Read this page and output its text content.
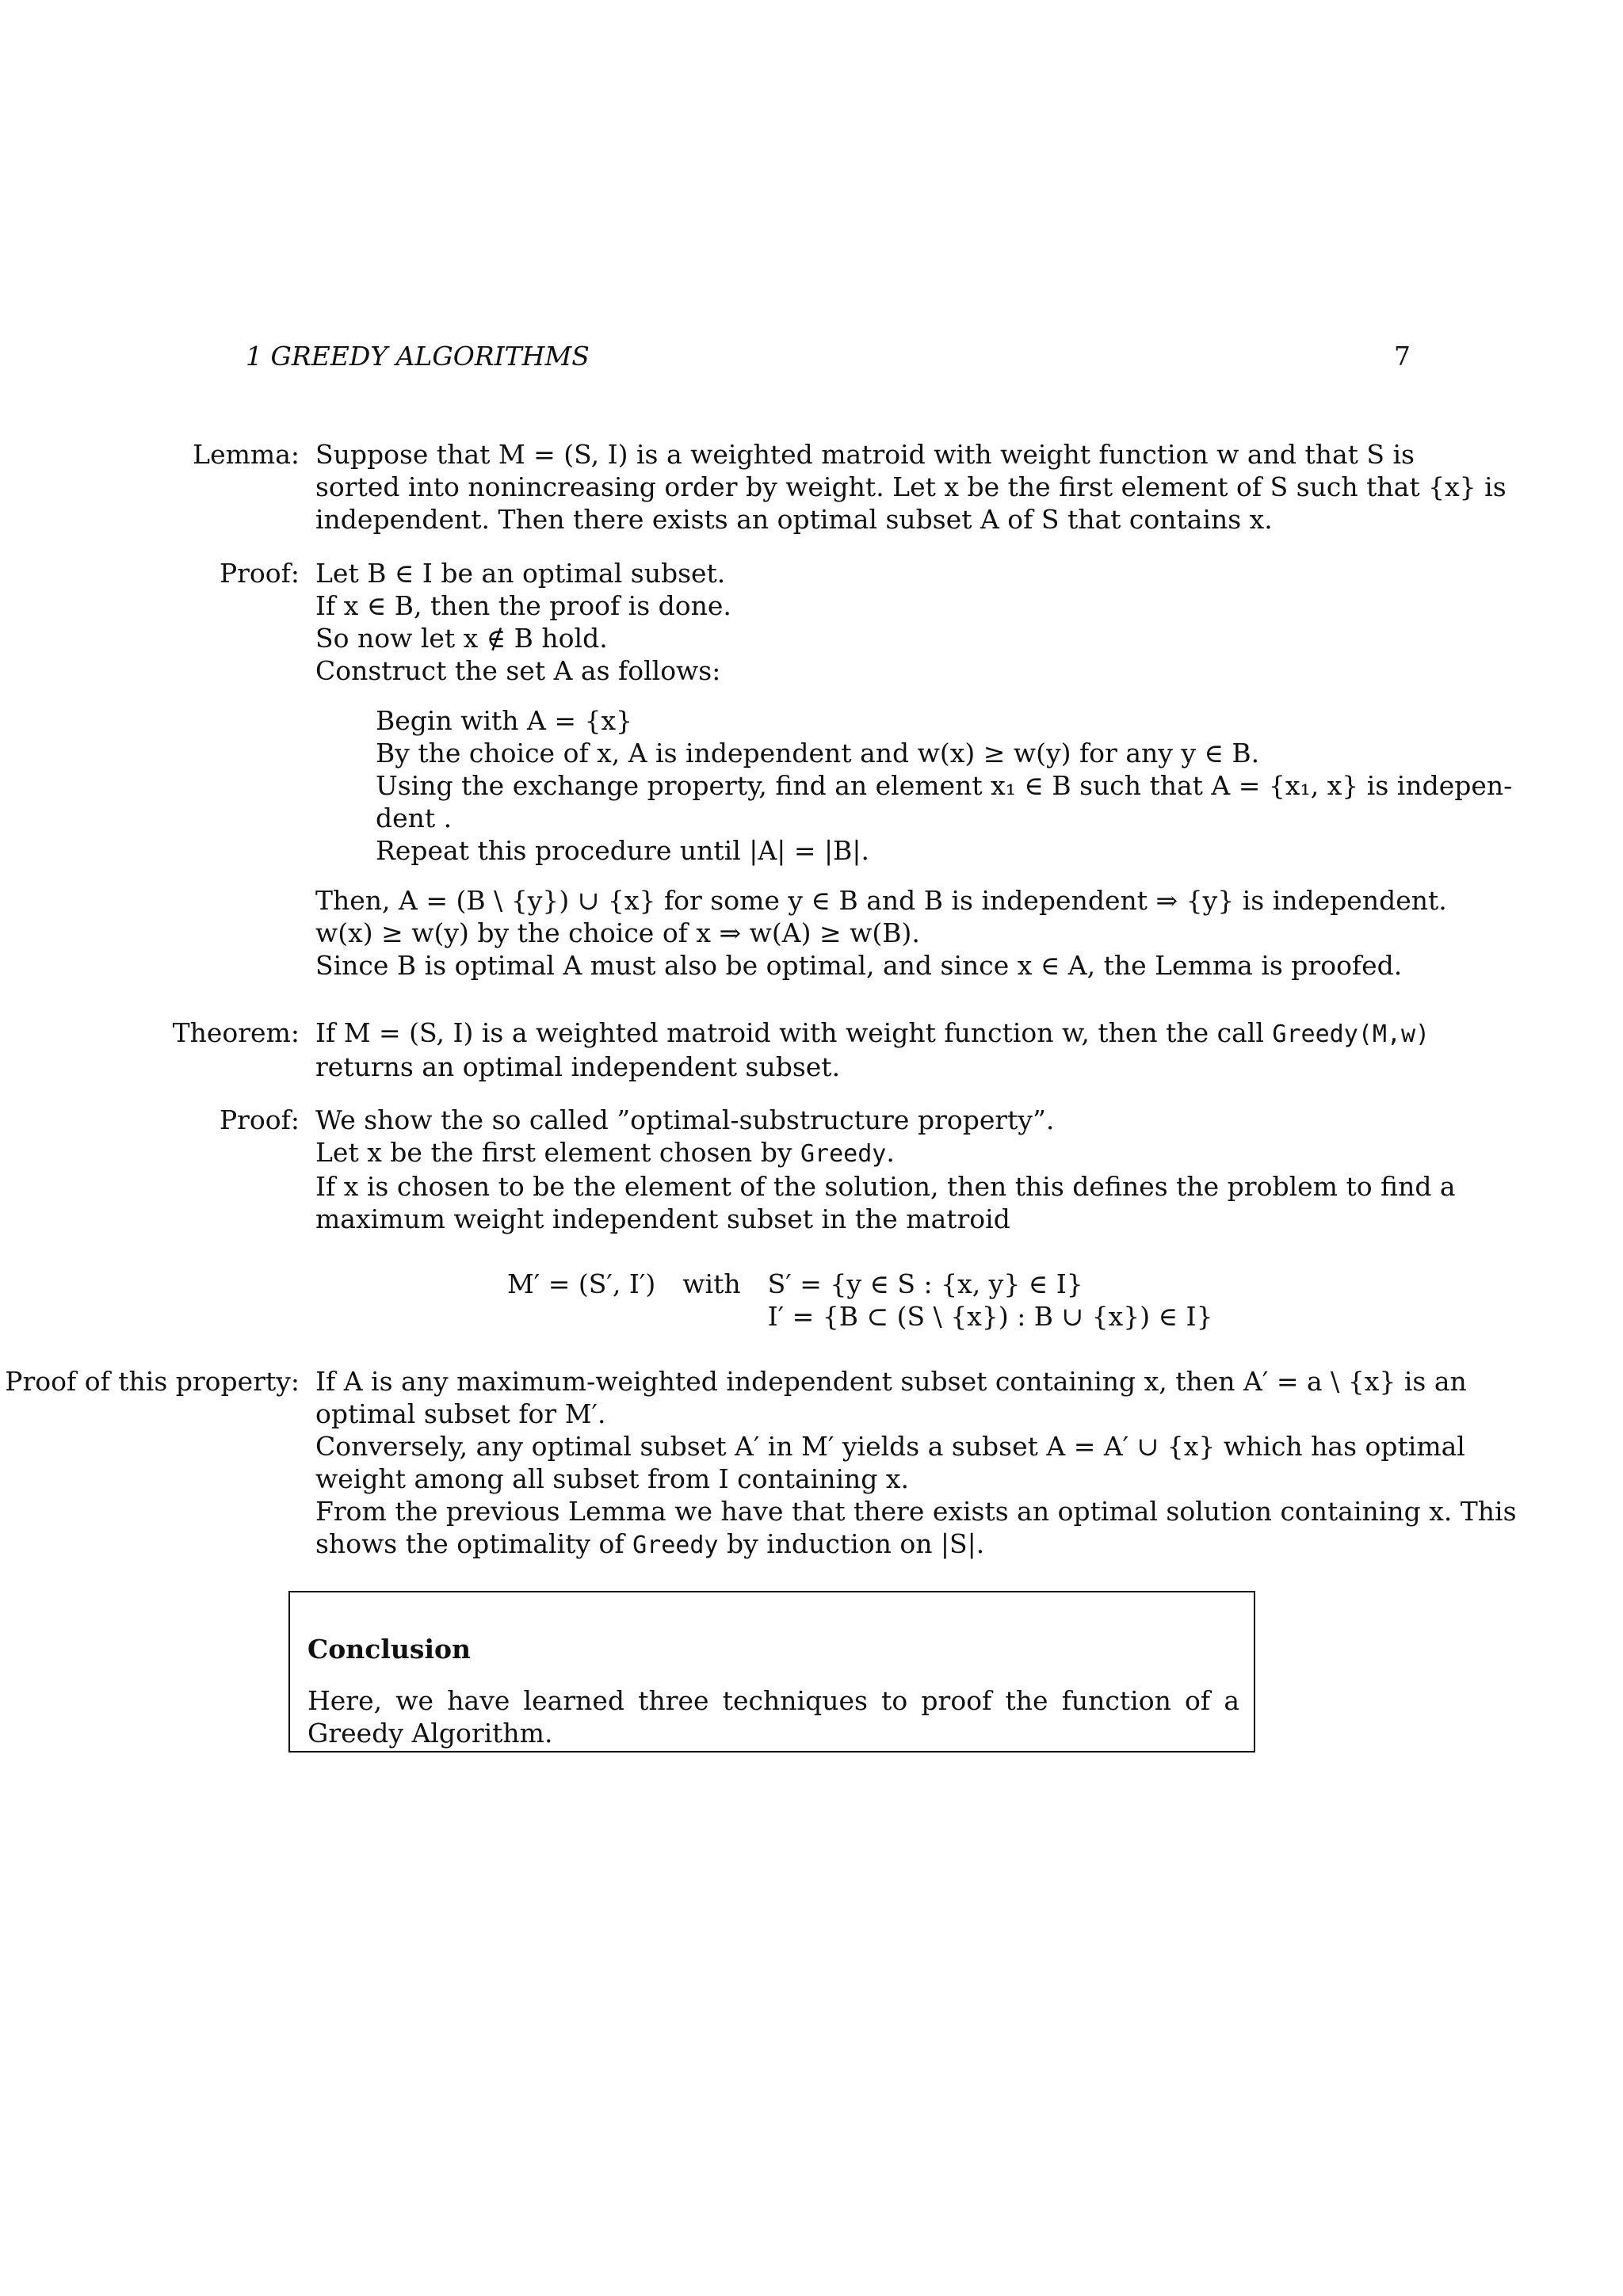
1 GREEDY ALGORITHMS	7
Lemma: Suppose that M = (S, I) is a weighted matroid with weight function w and that S is
sorted into nonincreasing order by weight. Let x be the first element of S such that {x} is
independent. Then there exists an optimal subset A of S that contains x.
Proof: Let B ∈ I be an optimal subset.
If x ∈ B, then the proof is done.
So now let x ∉ B hold.
Construct the set A as follows:
Begin with A = {x}
By the choice of x, A is independent and w(x) ≥ w(y) for any y ∈ B.
Using the exchange property, find an element x₁ ∈ B such that A = {x₁, x} is indepen-
dent .
Repeat this procedure until |A| = |B|.
Then, A = (B \ {y}) ∪ {x} for some y ∈ B and B is independent ⇒ {y} is independent.
w(x) ≥ w(y) by the choice of x ⇒ w(A) ≥ w(B).
Since B is optimal A must also be optimal, and since x ∈ A, the Lemma is proofed.
Theorem: If M = (S, I) is a weighted matroid with weight function w, then the call Greedy(M,w)
returns an optimal independent subset.
Proof: We show the so called ”optimal-substructure property”.
Let x be the first element chosen by Greedy.
If x is chosen to be the element of the solution, then this defines the problem to find a
maximum weight independent subset in the matroid
M′ = (S′, I′) with S′ = {y ∈ S : {x, y} ∈ I}
I′ = {B ⊂ (S \ {x}) : B ∪ {x}) ∈ I}
Proof of this property: If A is any maximum-weighted independent subset containing x, then A′ = a \ {x} is an
optimal subset for M′.
Conversely, any optimal subset A′ in M′ yields a subset A = A′ ∪ {x} which has optimal
weight among all subset from I containing x.
From the previous Lemma we have that there exists an optimal solution containing x. This
shows the optimality of Greedy by induction on |S|.
Conclusion
Here, we have learned three techniques to proof the function of a Greedy Algorithm.
